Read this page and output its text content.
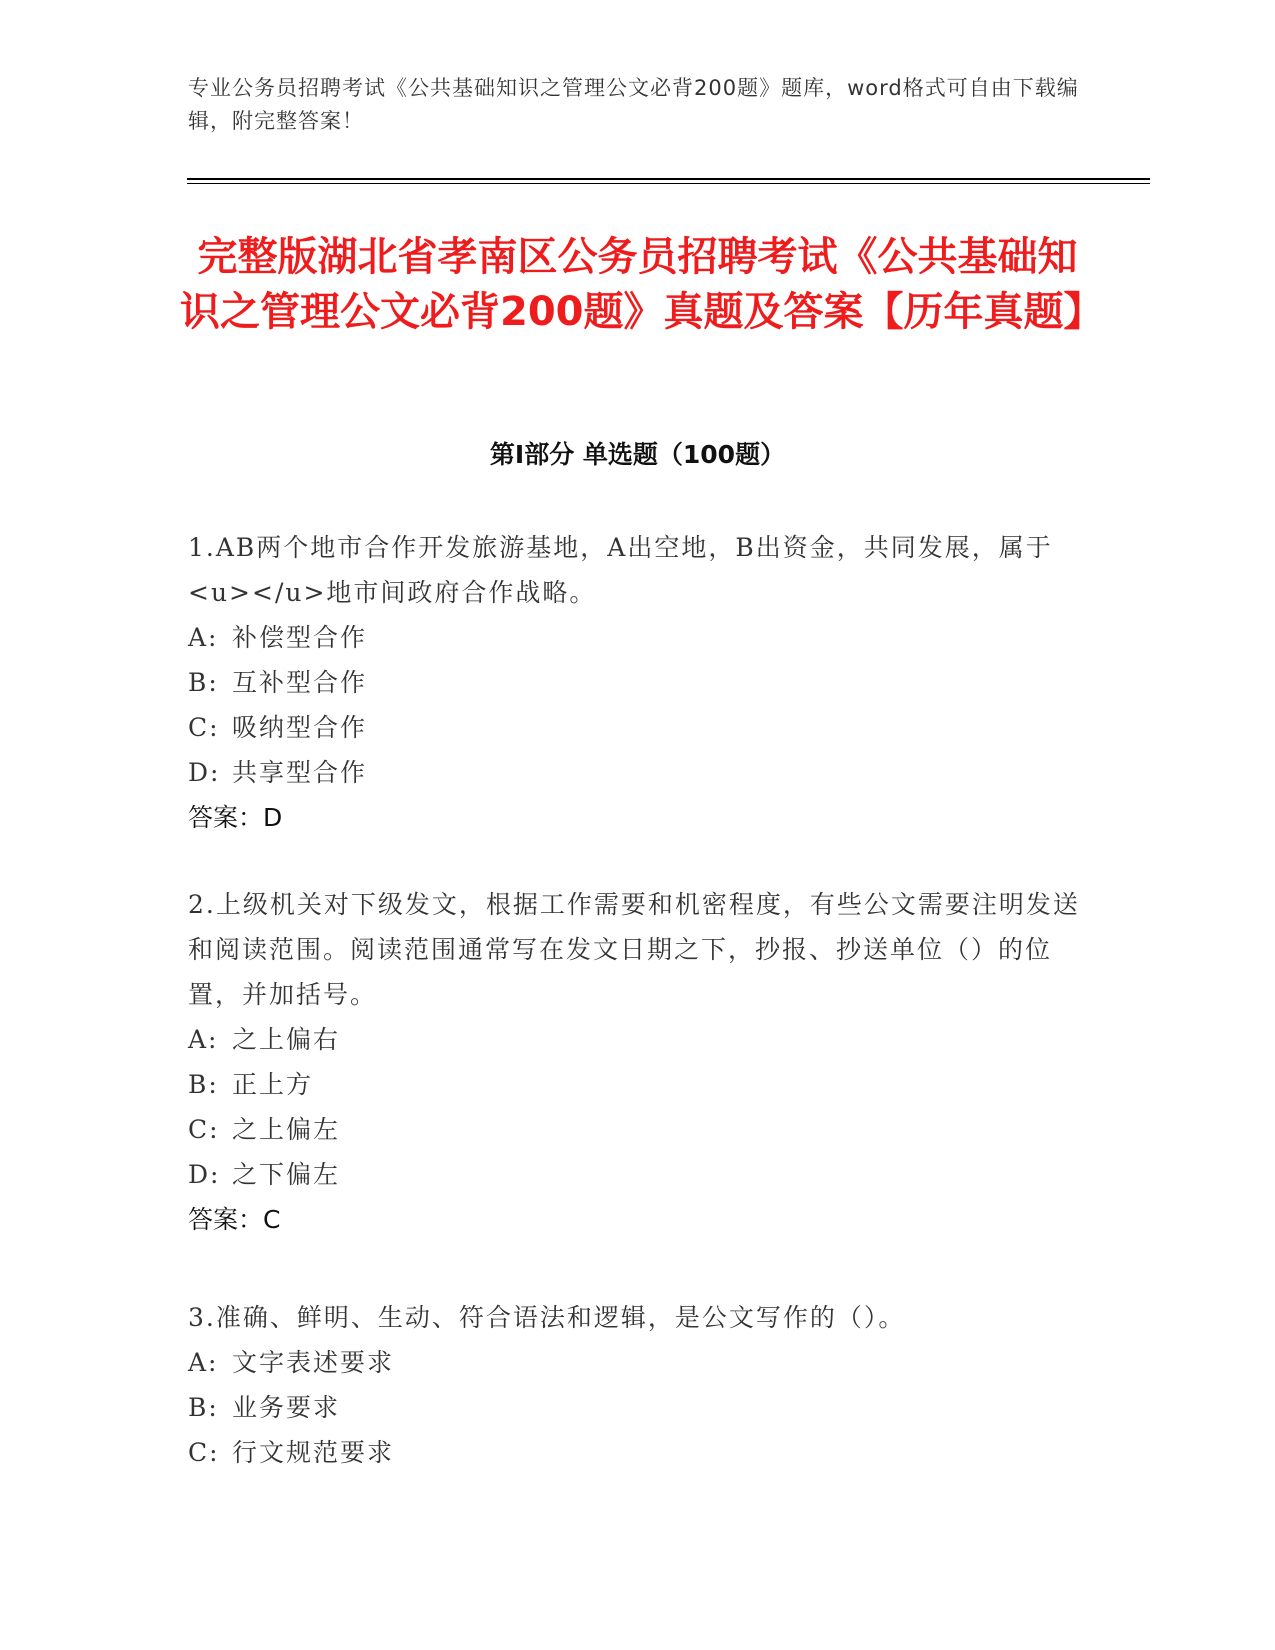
专业公务员招聘考试《公共基础知识之管理公文必背200题》题库，word格式可自由下载编辑，附完整答案！
完整版湖北省孝南区公务员招聘考试《公共基础知识之管理公文必背200题》真题及答案【历年真题】
第Ⅰ部分 单选题（100题）
1.AB两个地市合作开发旅游基地，A出空地，B出资金，共同发展，属于<u></u>地市间政府合作战略。
A: 补偿型合作
B: 互补型合作
C: 吸纳型合作
D: 共享型合作
答案：D
2.上级机关对下级发文，根据工作需要和机密程度，有些公文需要注明发送和阅读范围。阅读范围通常写在发文日期之下，抄报、抄送单位（）的位置，并加括号。
A: 之上偏右
B: 正上方
C: 之上偏左
D: 之下偏左
答案：C
3.准确、鲜明、生动、符合语法和逻辑，是公文写作的（）。
A: 文字表述要求
B: 业务要求
C: 行文规范要求
